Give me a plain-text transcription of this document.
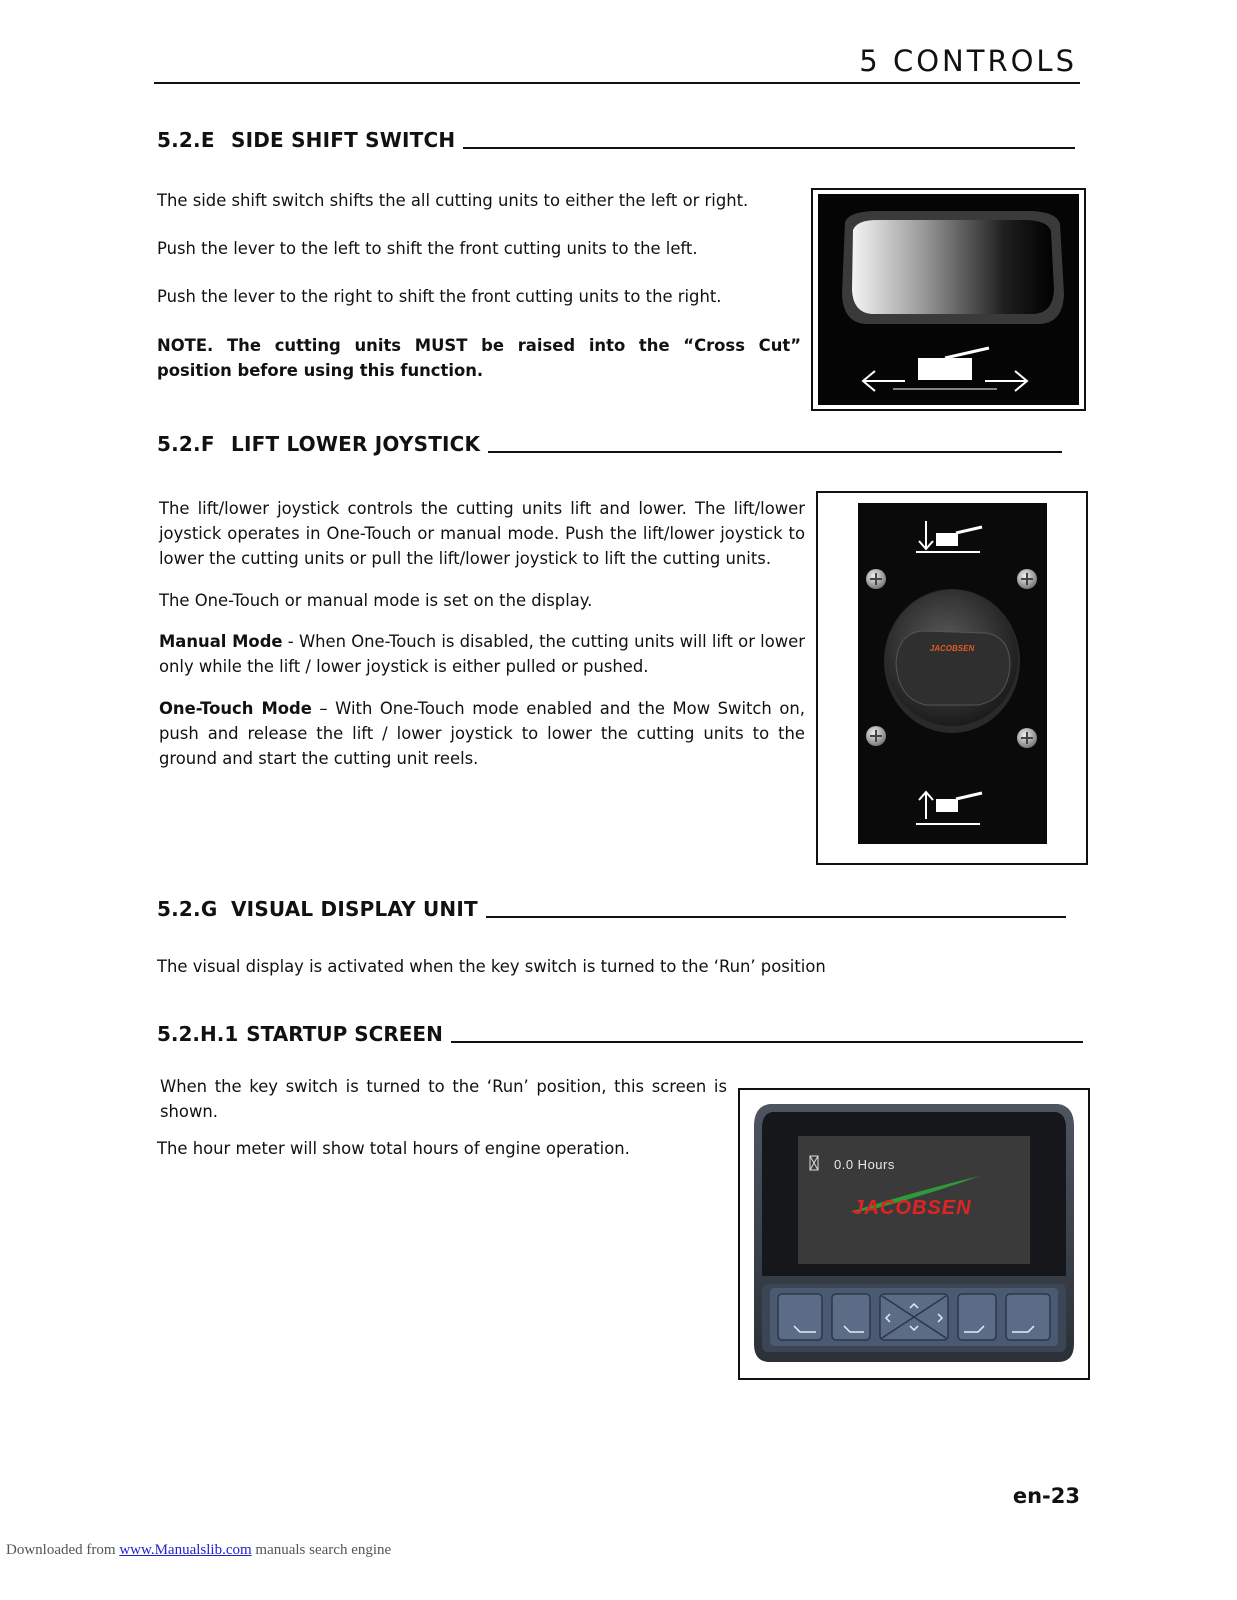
5 CONTROLS
5.2.E SIDE SHIFT SWITCH
The side shift switch shifts the all cutting units to either the left or right.
Push the lever to the left to shift the front cutting units to the left.
Push the lever to the right to shift the front cutting units to the right.
NOTE. The cutting units MUST be raised into the “Cross Cut” position before using this function.
5.2.F LIFT LOWER JOYSTICK
The lift/lower joystick controls the cutting units lift and lower. The lift/lower joystick operates in One-Touch or manual mode. Push the lift/lower joystick to lower the cutting units or pull the lift/lower joystick to lift the cutting units.
The One-Touch or manual mode is set on the display.
Manual Mode - When One-Touch is disabled, the cutting units will lift or lower only while the lift / lower joystick is either pulled or pushed.
One-Touch Mode – With One-Touch mode enabled and the Mow Switch on, push and release the lift / lower joystick to lower the cutting units to the ground and start the cutting unit reels.
JACOBSEN
5.2.G VISUAL DISPLAY UNIT
The visual display is activated when the key switch is turned to the ‘Run’ position
5.2.H.1 STARTUP SCREEN
When the key switch is turned to the ‘Run’ position, this screen is shown.
The hour meter will show total hours of engine operation.
0.0 Hours
JACOBSEN
en-23
Downloaded from www.Manualslib.com manuals search engine
